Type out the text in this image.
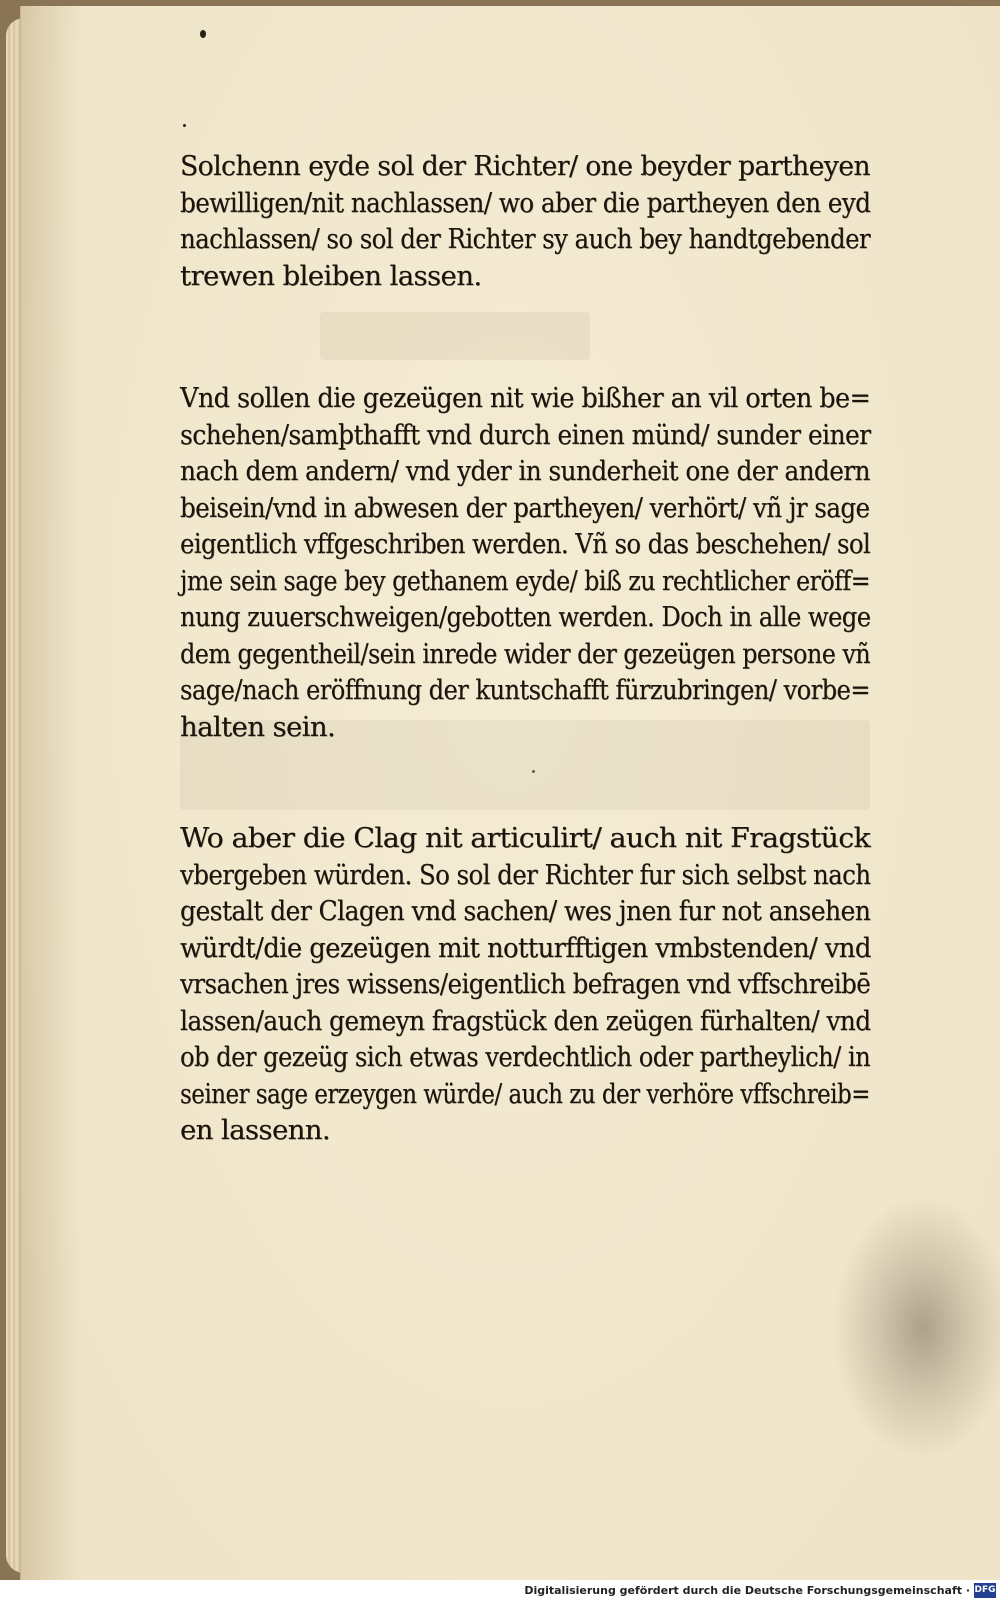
Solchenn eyde sol der Richter/ one beyder partheyen
bewilligen/nit nachlassen/ wo aber die partheyen den eyd
nachlassen/ so sol der Richter sy auch bey handtgebender
trewen bleiben lassen.

Vnd sollen die gezeügen nit wie bißher an vil orten be=
schehen/samþthafft vnd durch einen münd/ sunder einer
nach dem andern/ vnd yder in sunderheit one der andern
beisein/vnd in abwesen der partheyen/ verhört/ vñ jr sage
eigentlich vffgeschriben werden. Vñ so das beschehen/ sol
jme sein sage bey gethanem eyde/ biß zu rechtlicher eröff=
nung zuuerschweigen/gebotten werden. Doch in alle wege
dem gegentheil/sein inrede wider der gezeügen persone vñ
sage/nach eröffnung der kuntschafft fürzubringen/ vorbe=
halten sein.

Wo aber die Clag nit articulirt/ auch nit Fragstück
vbergeben würden. So sol der Richter fur sich selbst nach
gestalt der Clagen vnd sachen/ wes jnen fur not ansehen
würdt/die gezeügen mit notturfftigen vmbstenden/ vnd
vrsachen jres wissens/eigentlich befragen vnd vffschreibē
lassen/auch gemeyn fragstück den zeügen fürhalten/ vnd
ob der gezeüg sich etwas verdechtlich oder partheylich/ in
seiner sage erzeygen würde/ auch zu der verhöre vffschreib=
en lassenn.

Digitalisierung gefördert durch die Deutsche Forschungsgemeinschaft · DFG
